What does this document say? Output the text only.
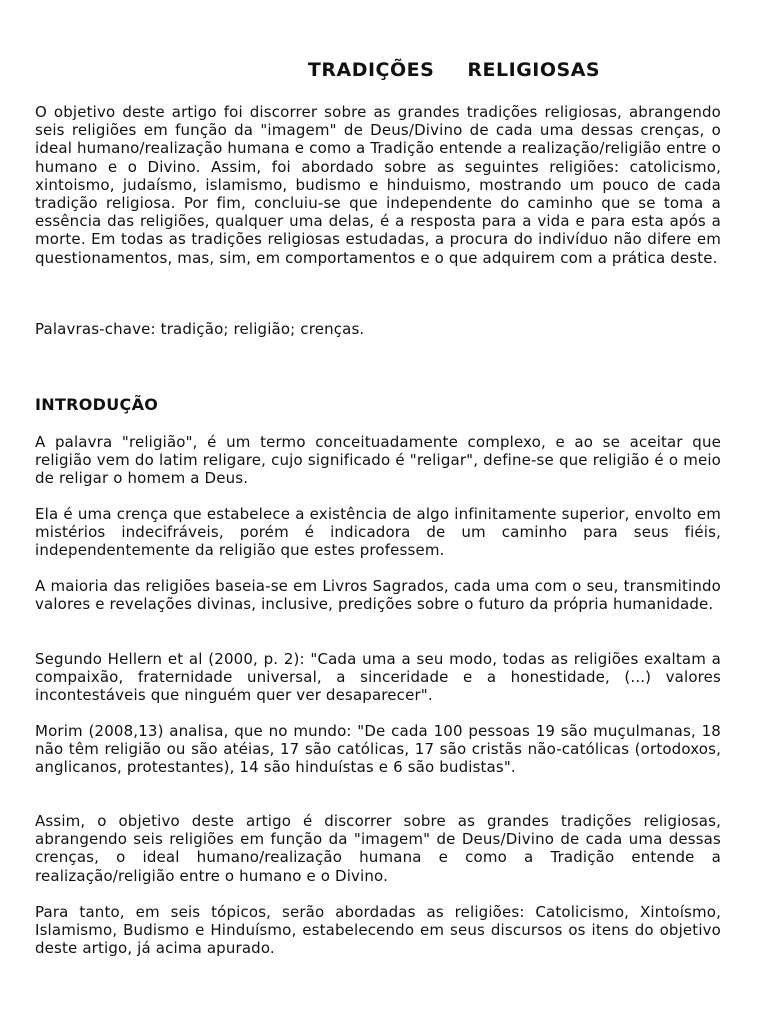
TRADIÇÕES RELIGIOSAS

O objetivo deste artigo foi discorrer sobre as grandes tradições religiosas, abrangendo seis religiões em função da "imagem" de Deus/Divino de cada uma dessas crenças, o ideal humano/realização humana e como a Tradição entende a realização/religião entre o humano e o Divino. Assim, foi abordado sobre as seguintes religiões: catolicismo, xintoismo, judaísmo, islamismo, budismo e hinduismo, mostrando um pouco de cada tradição religiosa. Por fim, concluiu-se que independente do caminho que se toma a essência das religiões, qualquer uma delas, é a resposta para a vida e para esta após a morte. Em todas as tradições religiosas estudadas, a procura do indivíduo não difere em questionamentos, mas, sim, em comportamentos e o que adquirem com a prática deste.

Palavras-chave: tradição; religião; crenças.

INTRODUÇÃO

A palavra "religião", é um termo conceituadamente complexo, e ao se aceitar que religião vem do latim religare, cujo significado é "religar", define-se que religião é o meio de religar o homem a Deus.

Ela é uma crença que estabelece a existência de algo infinitamente superior, envolto em mistérios indecifráveis, porém é indicadora de um caminho para seus fiéis, independentemente da religião que estes professem.

A maioria das religiões baseia-se em Livros Sagrados, cada uma com o seu, transmitindo valores e revelações divinas, inclusive, predições sobre o futuro da própria humanidade.

Segundo Hellern et al (2000, p. 2): "Cada uma a seu modo, todas as religiões exaltam a compaixão, fraternidade universal, a sinceridade e a honestidade, (...) valores incontestáveis que ninguém quer ver desaparecer".

Morim (2008,13) analisa, que no mundo: "De cada 100 pessoas 19 são muçulmanas, 18 não têm religião ou são atéias, 17 são católicas, 17 são cristãs não-católicas (ortodoxos, anglicanos, protestantes), 14 são hinduístas e 6 são budistas".

Assim, o objetivo deste artigo é discorrer sobre as grandes tradições religiosas, abrangendo seis religiões em função da "imagem" de Deus/Divino de cada uma dessas crenças, o ideal humano/realização humana e como a Tradição entende a realização/religião entre o humano e o Divino.

Para tanto, em seis tópicos, serão abordadas as religiões: Catolicismo, Xintoísmo, Islamismo, Budismo e Hinduísmo, estabelecendo em seus discursos os itens do objetivo deste artigo, já acima apurado.
